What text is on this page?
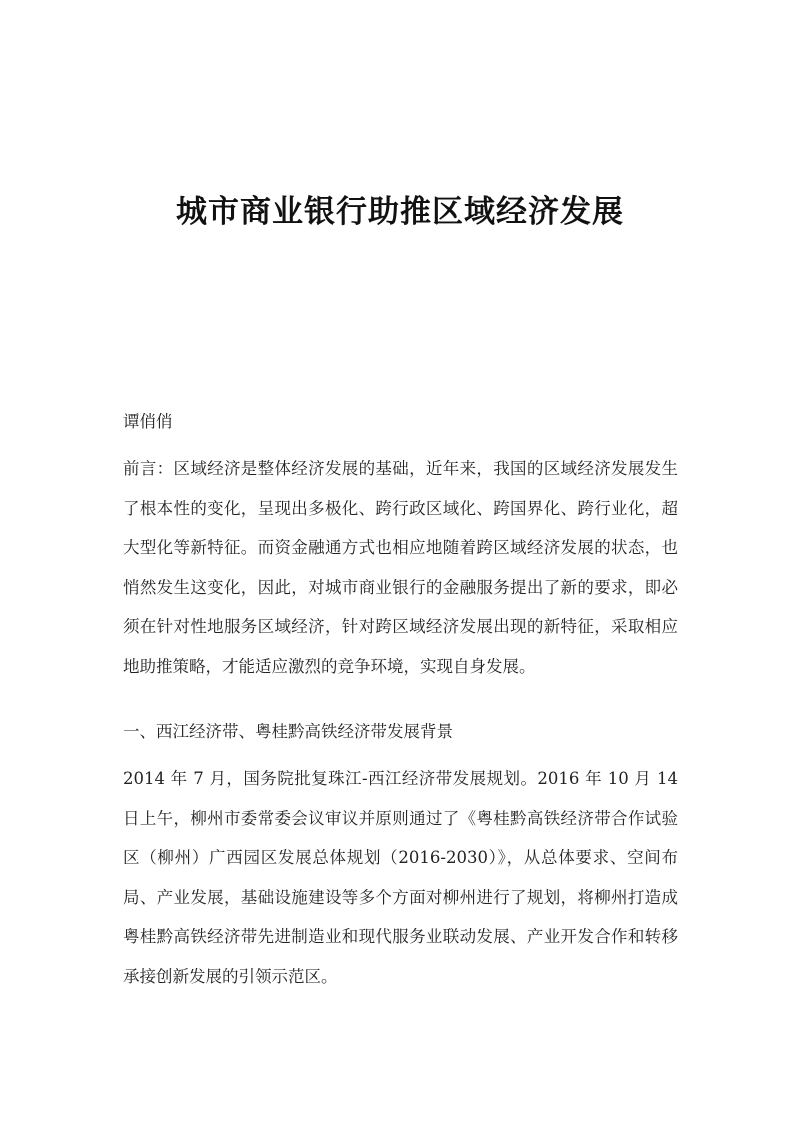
城市商业银行助推区域经济发展

谭俏俏

前言：区域经济是整体经济发展的基础，近年来，我国的区域经济发展发生了根本性的变化，呈现出多极化、跨行政区域化、跨国界化、跨行业化，超大型化等新特征。而资金融通方式也相应地随着跨区域经济发展的状态，也悄然发生这变化，因此，对城市商业银行的金融服务提出了新的要求，即必须在针对性地服务区域经济，针对跨区域经济发展出现的新特征，采取相应地助推策略，才能适应激烈的竞争环境，实现自身发展。

一、西江经济带、粤桂黔高铁经济带发展背景

2014 年 7 月，国务院批复珠江-西江经济带发展规划。2016 年 10 月 14 日上午，柳州市委常委会议审议并原则通过了《粤桂黔高铁经济带合作试验区（柳州）广西园区发展总体规划（2016-2030）》，从总体要求、空间布局、产业发展，基础设施建设等多个方面对柳州进行了规划，将柳州打造成粤桂黔高铁经济带先进制造业和现代服务业联动发展、产业开发合作和转移承接创新发展的引领示范区。
